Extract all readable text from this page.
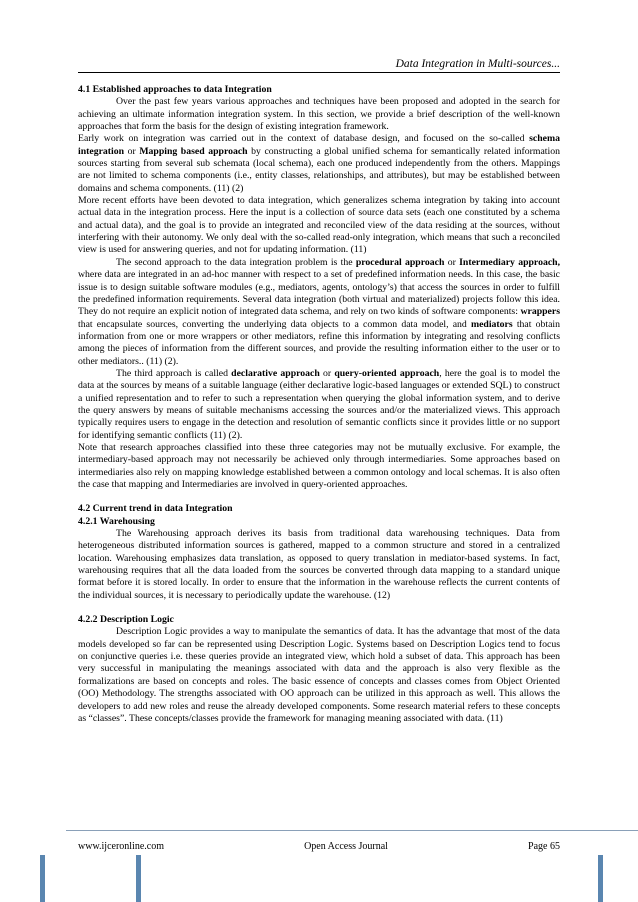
Data Integration in Multi-sources...
4.1 Established approaches to data Integration

Over the past few years various approaches and techniques have been proposed and adopted in the search for achieving an ultimate information integration system. In this section, we provide a brief description of the well-known approaches that form the basis for the design of existing integration framework.

Early work on integration was carried out in the context of database design, and focused on the so-called schema integration or Mapping based approach by constructing a global unified schema for semantically related information sources starting from several sub schemata (local schema), each one produced independently from the others. Mappings are not limited to schema components (i.e., entity classes, relationships, and attributes), but may be established between domains and schema components. (11) (2)

More recent efforts have been devoted to data integration, which generalizes schema integration by taking into account actual data in the integration process. Here the input is a collection of source data sets (each one constituted by a schema and actual data), and the goal is to provide an integrated and reconciled view of the data residing at the sources, without interfering with their autonomy. We only deal with the so-called read-only integration, which means that such a reconciled view is used for answering queries, and not for updating information. (11)

The second approach to the data integration problem is the procedural approach or Intermediary approach, where data are integrated in an ad-hoc manner with respect to a set of predefined information needs. In this case, the basic issue is to design suitable software modules (e.g., mediators, agents, ontology’s) that access the sources in order to fulfill the predefined information requirements. Several data integration (both virtual and materialized) projects follow this idea. They do not require an explicit notion of integrated data schema, and rely on two kinds of software components: wrappers that encapsulate sources, converting the underlying data objects to a common data model, and mediators that obtain information from one or more wrappers or other mediators, refine this information by integrating and resolving conflicts among the pieces of information from the different sources, and provide the resulting information either to the user or to other mediators.. (11) (2).

The third approach is called declarative approach or query-oriented approach, here the goal is to model the data at the sources by means of a suitable language (either declarative logic-based languages or extended SQL) to construct a unified representation and to refer to such a representation when querying the global information system, and to derive the query answers by means of suitable mechanisms accessing the sources and/or the materialized views. This approach typically requires users to engage in the detection and resolution of semantic conflicts since it provides little or no support for identifying semantic conflicts (11) (2).

Note that research approaches classified into these three categories may not be mutually exclusive. For example, the intermediary-based approach may not necessarily be achieved only through intermediaries. Some approaches based on intermediaries also rely on mapping knowledge established between a common ontology and local schemas. It is also often the case that mapping and Intermediaries are involved in query-oriented approaches.

4.2 Current trend in data Integration
4.2.1 Warehousing

The Warehousing approach derives its basis from traditional data warehousing techniques. Data from heterogeneous distributed information sources is gathered, mapped to a common structure and stored in a centralized location. Warehousing emphasizes data translation, as opposed to query translation in mediator-based systems. In fact, warehousing requires that all the data loaded from the sources be converted through data mapping to a standard unique format before it is stored locally. In order to ensure that the information in the warehouse reflects the current contents of the individual sources, it is necessary to periodically update the warehouse. (12)

4.2.2 Description Logic

Description Logic provides a way to manipulate the semantics of data. It has the advantage that most of the data models developed so far can be represented using Description Logic. Systems based on Description Logics tend to focus on conjunctive queries i.e. these queries provide an integrated view, which hold a subset of data. This approach has been very successful in manipulating the meanings associated with data and the approach is also very flexible as the formalizations are based on concepts and roles. The basic essence of concepts and classes comes from Object Oriented (OO) Methodology. The strengths associated with OO approach can be utilized in this approach as well. This allows the developers to add new roles and reuse the already developed components. Some research material refers to these concepts as “classes”. These concepts/classes provide the framework for managing meaning associated with data. (11)

www.ijceronline.com	Open Access Journal	Page 65
